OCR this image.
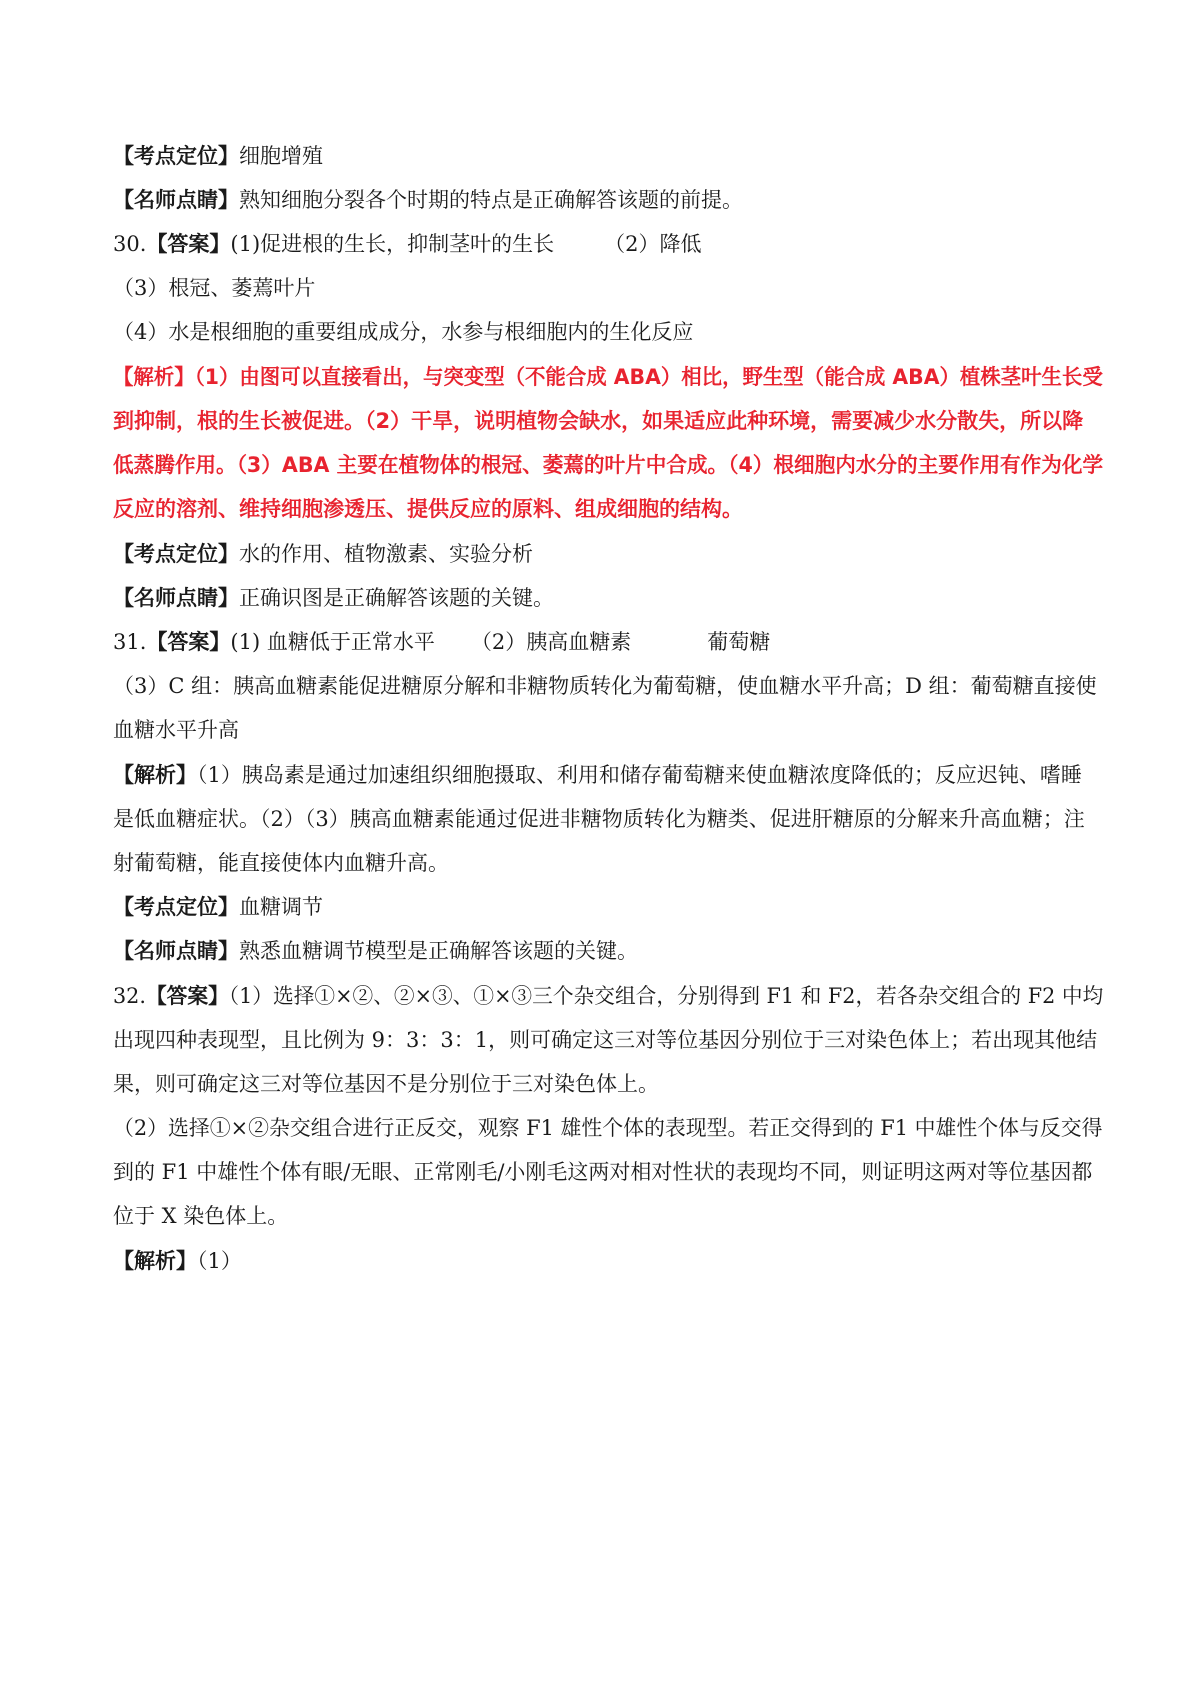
【考点定位】细胞增殖
【名师点睛】熟知细胞分裂各个时期的特点是正确解答该题的前提。
30.【答案】(1)促进根的生长，抑制茎叶的生长 （2）降低
（3）根冠、萎蔫叶片
（4）水是根细胞的重要组成成分，水参与根细胞内的生化反应
【解析】（1）由图可以直接看出，与突变型（不能合成 ABA）相比，野生型（能合成 ABA）植株茎叶生长受
到抑制，根的生长被促进。（2）干旱，说明植物会缺水，如果适应此种环境，需要减少水分散失，所以降
低蒸腾作用。（3）ABA 主要在植物体的根冠、萎蔫的叶片中合成。（4）根细胞内水分的主要作用有作为化学
反应的溶剂、维持细胞渗透压、提供反应的原料、组成细胞的结构。
【考点定位】水的作用、植物激素、实验分析
【名师点睛】正确识图是正确解答该题的关键。
31.【答案】(1) 血糖低于正常水平 （2）胰高血糖素	葡萄糖
（3）C 组：胰高血糖素能促进糖原分解和非糖物质转化为葡萄糖，使血糖水平升高；D 组：葡萄糖直接使
血糖水平升高
【解析】（1）胰岛素是通过加速组织细胞摄取、利用和储存葡萄糖来使血糖浓度降低的；反应迟钝、嗜睡
是低血糖症状。（2）（3）胰高血糖素能通过促进非糖物质转化为糖类、促进肝糖原的分解来升高血糖；注
射葡萄糖，能直接使体内血糖升高。
【考点定位】血糖调节
【名师点睛】熟悉血糖调节模型是正确解答该题的关键。
32.【答案】（1）选择①×②、②×③、①×③三个杂交组合，分别得到 F1 和 F2，若各杂交组合的 F2 中均
出现四种表现型，且比例为 9：3：3：1，则可确定这三对等位基因分别位于三对染色体上；若出现其他结
果，则可确定这三对等位基因不是分别位于三对染色体上。
（2）选择①×②杂交组合进行正反交，观察 F1 雄性个体的表现型。若正交得到的 F1 中雄性个体与反交得
到的 F1 中雄性个体有眼/无眼、正常刚毛/小刚毛这两对相对性状的表现均不同，则证明这两对等位基因都
位于 X 染色体上。
【解析】（1）
